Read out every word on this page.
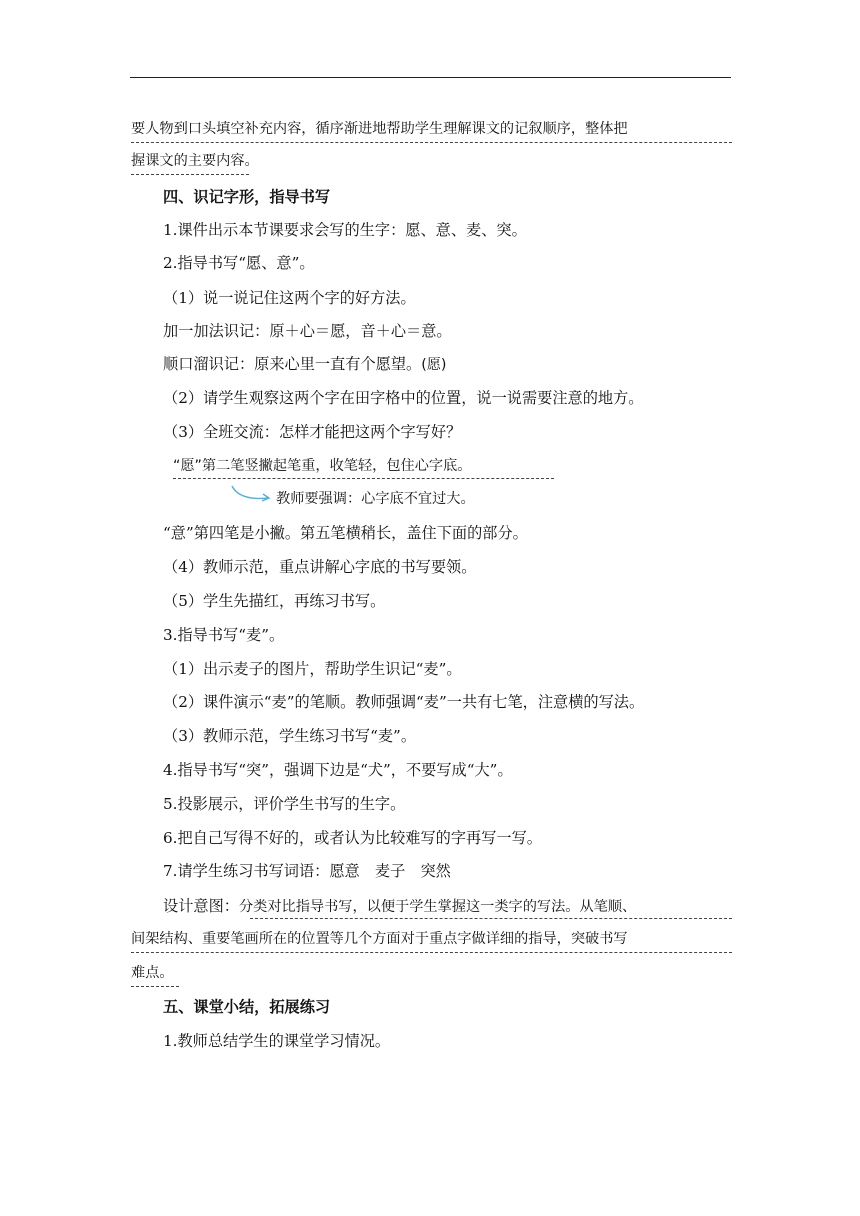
要人物到口头填空补充内容，循序渐进地帮助学生理解课文的记叙顺序，整体把
握课文的主要内容。
四、识记字形，指导书写
1.课件出示本节课要求会写的生字：愿、意、麦、突。
2.指导书写“愿、意”。
（1）说一说记住这两个字的好方法。
加一加法识记：原＋心＝愿，音＋心＝意。
顺口溜识记：原来心里一直有个愿望。(愿)
（2）请学生观察这两个字在田字格中的位置，说一说需要注意的地方。
（3）全班交流：怎样才能把这两个字写好？
“愿”第二笔竖撇起笔重，收笔轻，包住心字底。
教师要强调：心字底不宜过大。
“意”第四笔是小撇。第五笔横稍长，盖住下面的部分。
（4）教师示范，重点讲解心字底的书写要领。
（5）学生先描红，再练习书写。
3.指导书写“麦”。
（1）出示麦子的图片，帮助学生识记“麦”。
（2）课件演示“麦”的笔顺。教师强调“麦”一共有七笔，注意横的写法。
（3）教师示范，学生练习书写“麦”。
4.指导书写“突”，强调下边是“犬”，不要写成“大”。
5.投影展示，评价学生书写的生字。
6.把自己写得不好的，或者认为比较难写的字再写一写。
7.请学生练习书写词语：愿意　麦子　突然
设计意图：分类对比指导书写，以便于学生掌握这一类字的写法。从笔顺、
间架结构、重要笔画所在的位置等几个方面对于重点字做详细的指导，突破书写
难点。
五、课堂小结，拓展练习
1.教师总结学生的课堂学习情况。
